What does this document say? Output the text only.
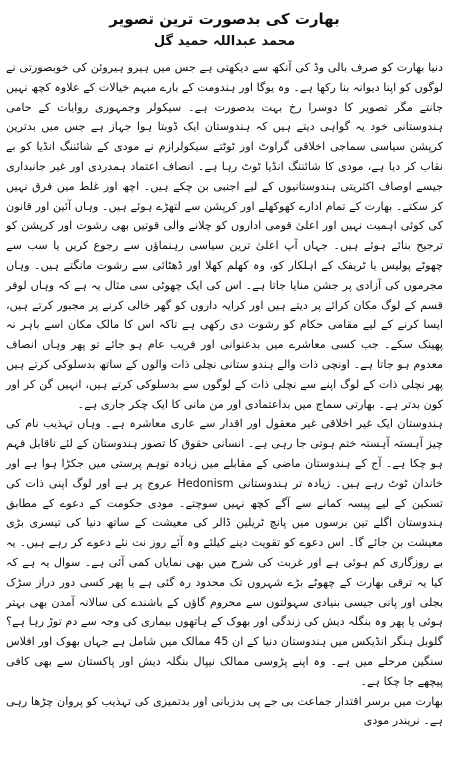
بھارت کی بدصورت ترین تصویر
محمد عبداللہ حمید گل

دنیا بھارت کو صرف بالی وڈ کی آنکھ سے دیکھتی ہے جس میں ہیرو ہیروئن کی خوبصورتی نے لوگوں کو اپنا دیوانہ بنا رکھا ہے۔ وہ یوگا اور ہندومت کے بارے مبہم خیالات کے علاوہ کچھ نہیں جانتے مگر تصویر کا دوسرا رخ بہت بدصورت ہے۔ سیکولر وجمہوری روایات کے حامی ہندوستانی خود یہ گواہی دیتے ہیں کہ ہندوستان ایک ڈوبتا ہوا جہاز ہے جس میں بدترین کرپشن سیاسی سماجی اخلاقی گراوٹ اور ٹوٹتے سیکولرازم نے مودی کے شائننگ انڈیا کو بے نقاب کر دیا ہے، مودی کا شائننگ انڈیا ٹوٹ رہا ہے۔ انصاف اعتماد ہمدردی اور غیر جانبداری جیسے اوصاف اکثریتی ہندوستانیوں کے لیے اجنبی بن چکے ہیں۔ اچھ اور غلط میں فرق نہیں کر سکتے۔ بھارت کے تمام ادارے کھوکھلے اور کرپشن سے لتھڑے ہوئے ہیں۔ وہاں آئین اور قانون کی کوئی اہمیت نہیں اور اعلیٰ قومی اداروں کو چلانے والی قوتیں بھی رشوت اور کرپشن کو ترجیح بنائے ہوئے ہیں۔ جہاں آپ اعلیٰ ترین سیاسی رہنماؤں سے رجوع کریں یا سب سے چھوٹے پولیس یا ٹریفک کے اہلکار کو، وہ کھلم کھلا اور ڈھٹائی سے رشوت مانگتے ہیں۔ وہاں مجرموں کی آزادی پر جشن منایا جاتا ہے۔ اس کی ایک چھوٹی سی مثال یہ ہے کہ وہاں لوفر قسم کے لوگ مکان کرائے پر دیتے ہیں اور کرایہ داروں کو گھر خالی کرنے پر مجبور کرتے ہیں، ایسا کرنے کے لیے مقامی حکام کو رشوت دی رکھی ہے تاکہ اس کا مالک مکان اسے باہر نہ پھینک سکے۔ جب کسی معاشرے میں بدعنوانی اور فریب عام ہو جائے تو پھر وہاں انصاف معدوم ہو جاتا ہے۔ اونچی ذات والے ہندو ستانی نچلی ذات والوں کے ساتھ بدسلوکی کرتے ہیں پھر نچلی ذات کے لوگ اپنے سے نچلی ذات کے لوگوں سے بدسلوکی کرتے ہیں، انہیں گن کر اور کون بدتر ہے۔ بھارتی سماج میں بداعتمادی اور من مانی کا ایک چکر جاری ہے۔

ہندوستان ایک غیر اخلاقی غیر معقول اور اقدار سے عاری معاشرہ ہے۔ وہاں تہذیب نام کی چیز آہستہ آہستہ ختم ہوتی جا رہی ہے۔ انسانی حقوق کا تصور ہندوستان کے لئے ناقابل فہم ہو چکا ہے۔ آج کے ہندوستان ماضی کے مقابلے میں زیادہ توہم پرستی میں جکڑا ہوا ہے اور خاندان ٹوٹ رہے ہیں۔ زیادہ تر ہندوستانی Hedonism عروج پر ہے اور لوگ اپنی ذات کی تسکین کے لیے پیسہ کمانے سے آگے کچھ نہیں سوچتے۔ مودی حکومت کے دعوے کے مطابق ہندوستان اگلے تین برسوں میں پانچ ٹریلین ڈالر کی معیشت کے ساتھ دنیا کی تیسری بڑی معیشت بن جائے گا۔ اس دعوے کو تقویت دینے کیلئے وہ آئے روز نت نئے دعوے کر رہے ہیں۔ یہ بے روزگاری کم ہوئی ہے اور غربت کی شرح میں بھی نمایاں کمی آئی ہے۔ سوال یہ ہے کہ کیا یہ ترقی بھارت کے چھوٹے بڑے شہروں تک محدود رہ گئی ہے یا پھر کسی دور دراز سڑک بجلی اور پانی جیسی بنیادی سہولتوں سے محروم گاؤں کے باشندے کی سالانہ آمدن بھی بہتر ہوئی یا پھر وہ بنگلہ دیش کی زندگی اور بھوک کے ہاتھوں بیماری کی وجہ سے دم توڑ رہا ہے؟ گلوبل ہنگر انڈیکس میں ہندوستان دنیا کے ان 45 ممالک میں شامل ہے جہاں بھوک اور افلاس سنگین مرحلے میں ہے۔ وہ اپنے پڑوسی ممالک نیپال بنگلہ دیش اور پاکستان سے بھی کافی پیچھے جا چکا ہے۔

بھارت میں برسر اقتدار جماعت بی جے پی بدزبانی اور بدتمیزی کی تہذیب کو پروان چڑھا رہی ہے۔ نریندر مودی
